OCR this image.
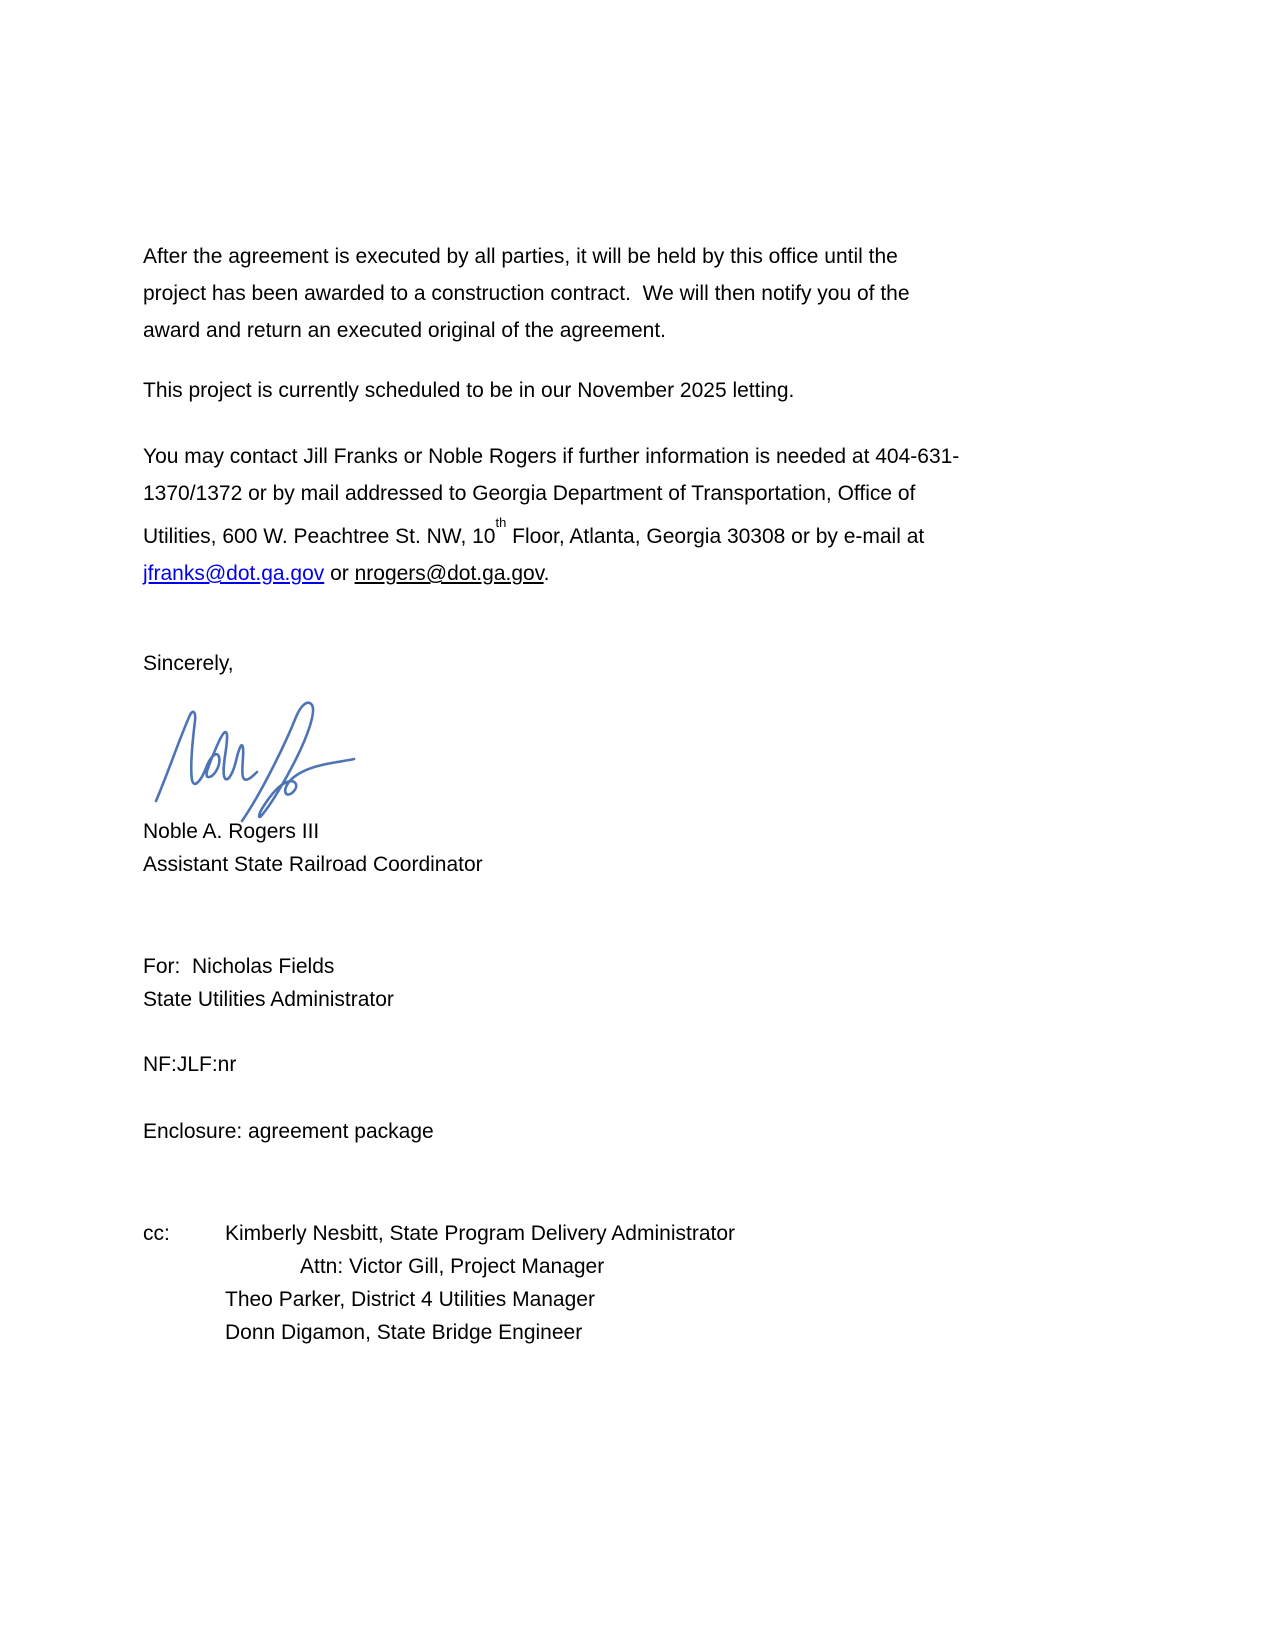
After the agreement is executed by all parties, it will be held by this office until the
project has been awarded to a construction contract.  We will then notify you of the
award and return an executed original of the agreement.
This project is currently scheduled to be in our November 2025 letting.
You may contact Jill Franks or Noble Rogers if further information is needed at 404-631-
1370/1372 or by mail addressed to Georgia Department of Transportation, Office of
Utilities, 600 W. Peachtree St. NW, 10th Floor, Atlanta, Georgia 30308 or by e-mail at
jfranks@dot.ga.gov or nrogers@dot.ga.gov.
Sincerely,
Noble A. Rogers III
Assistant State Railroad Coordinator
For:  Nicholas Fields
State Utilities Administrator
NF:JLF:nr
Enclosure: agreement package
cc:	Kimberly Nesbitt, State Program Delivery Administrator
Attn: Victor Gill, Project Manager
Theo Parker, District 4 Utilities Manager
Donn Digamon, State Bridge Engineer
